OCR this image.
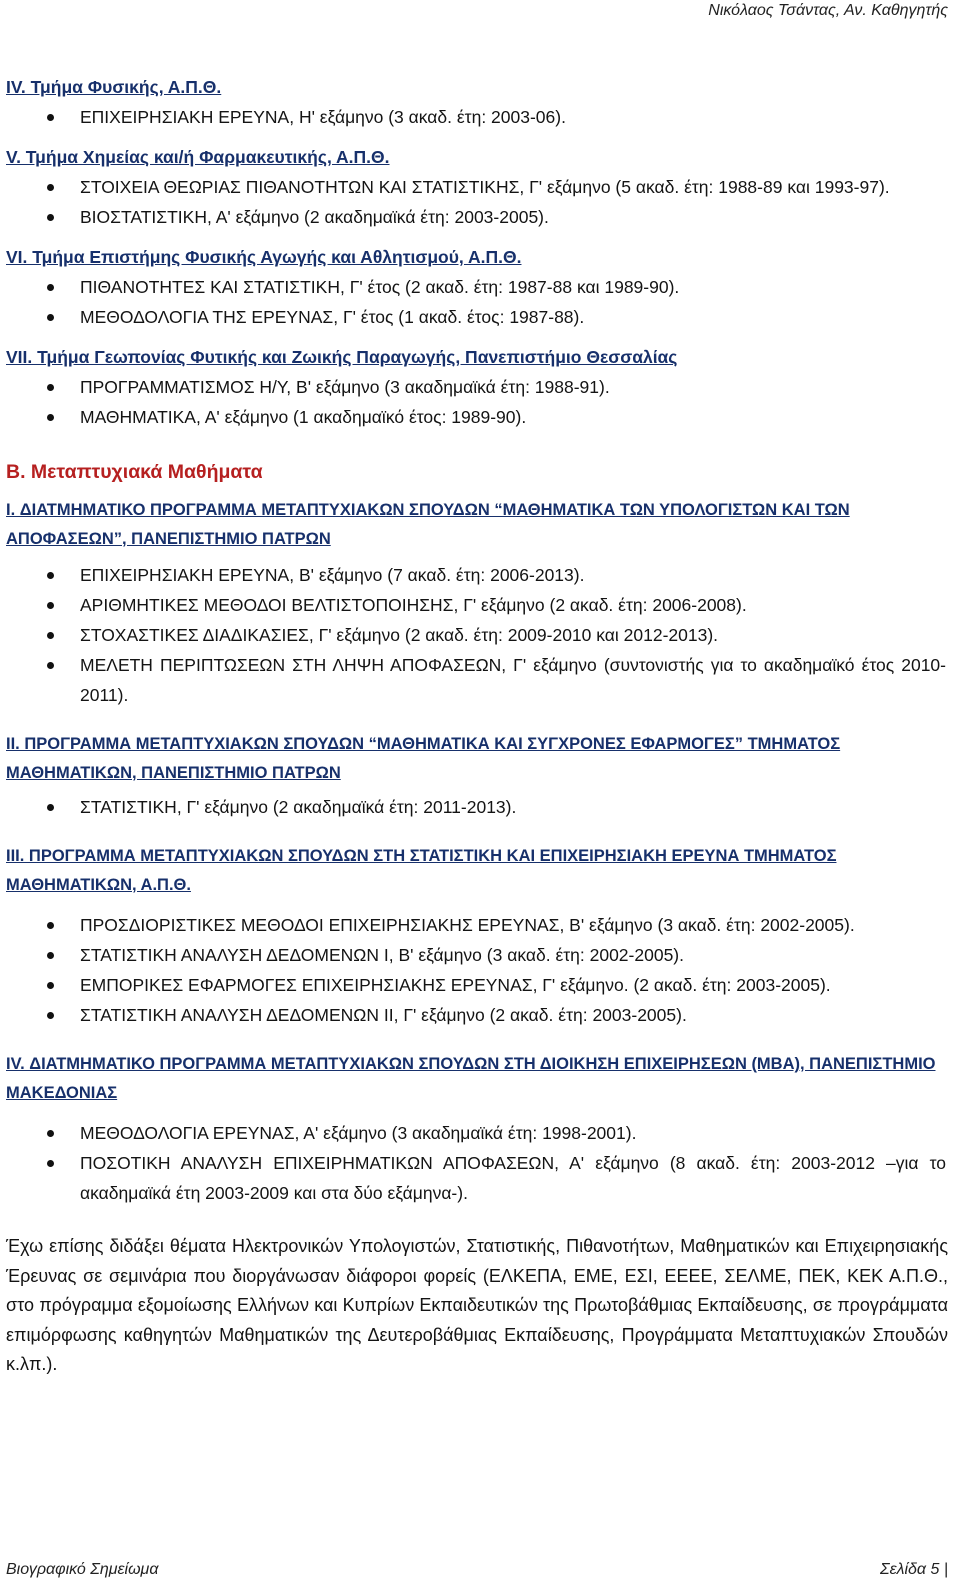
Νικόλαος Τσάντας, Αν. Καθηγητής

IV. Τμήμα Φυσικής, Α.Π.Θ.

ΕΠΙΧΕΙΡΗΣΙΑΚΗ ΕΡΕΥΝΑ, Η' εξάμηνο (3 ακαδ. έτη: 2003-06).

V. Τμήμα Χημείας και/ή Φαρμακευτικής, Α.Π.Θ.

ΣΤΟΙΧΕΙΑ ΘΕΩΡΙΑΣ ΠΙΘΑΝΟΤΗΤΩΝ ΚΑΙ ΣΤΑΤΙΣΤΙΚΗΣ, Γ' εξάμηνο (5 ακαδ. έτη: 1988-89 και 1993-97).
ΒΙΟΣΤΑΤΙΣΤΙΚΗ, Α' εξάμηνο (2 ακαδημαϊκά έτη: 2003-2005).

VI. Τμήμα Επιστήμης Φυσικής Αγωγής και Αθλητισμού, Α.Π.Θ.

ΠΙΘΑΝΟΤΗΤΕΣ ΚΑΙ ΣΤΑΤΙΣΤΙΚΗ, Γ' έτος (2 ακαδ. έτη: 1987-88 και 1989-90).
ΜΕΘΟΔΟΛΟΓΙΑ ΤΗΣ ΕΡΕΥΝΑΣ, Γ' έτος (1 ακαδ. έτος: 1987-88).

VII. Τμήμα Γεωπονίας Φυτικής και Ζωικής Παραγωγής, Πανεπιστήμιο Θεσσαλίας

ΠΡΟΓΡΑΜΜΑΤΙΣΜΟΣ Η/Υ, Β' εξάμηνο (3 ακαδημαϊκά έτη: 1988-91).
ΜΑΘΗΜΑΤΙΚΑ, Α' εξάμηνο (1 ακαδημαϊκό έτος: 1989-90).

Β. Μεταπτυχιακά Μαθήματα

I. ΔΙΑΤΜΗΜΑΤΙΚΟ ΠΡΟΓΡΑΜΜΑ ΜΕΤΑΠΤΥΧΙΑΚΩΝ ΣΠΟΥΔΩΝ “ΜΑΘΗΜΑΤΙΚΑ ΤΩΝ ΥΠΟΛΟΓΙΣΤΩΝ ΚΑΙ ΤΩΝ ΑΠΟΦΑΣΕΩΝ”, ΠΑΝΕΠΙΣΤΗΜΙΟ ΠΑΤΡΩΝ

ΕΠΙΧΕΙΡΗΣΙΑΚΗ ΕΡΕΥΝΑ, Β' εξάμηνο (7 ακαδ. έτη: 2006-2013).
ΑΡΙΘΜΗΤΙΚΕΣ ΜΕΘΟΔΟΙ ΒΕΛΤΙΣΤΟΠΟΙΗΣΗΣ, Γ' εξάμηνο (2 ακαδ. έτη: 2006-2008).
ΣΤΟΧΑΣΤΙΚΕΣ ΔΙΑΔΙΚΑΣΙΕΣ, Γ' εξάμηνο (2 ακαδ. έτη: 2009-2010 και 2012-2013).
ΜΕΛΕΤΗ ΠΕΡΙΠΤΩΣΕΩΝ ΣΤΗ ΛΗΨΗ ΑΠΟΦΑΣΕΩΝ, Γ' εξάμηνο (συντονιστής για το ακαδημαϊκό έτος 2010-2011).

II. ΠΡΟΓΡΑΜΜΑ ΜΕΤΑΠΤΥΧΙΑΚΩΝ ΣΠΟΥΔΩΝ “ΜΑΘΗΜΑΤΙΚΑ ΚΑΙ ΣΥΓΧΡΟΝΕΣ ΕΦΑΡΜΟΓΕΣ” ΤΜΗΜΑΤΟΣ ΜΑΘΗΜΑΤΙΚΩΝ, ΠΑΝΕΠΙΣΤΗΜΙΟ ΠΑΤΡΩΝ

ΣΤΑΤΙΣΤΙΚΗ, Γ' εξάμηνο (2 ακαδημαϊκά έτη: 2011-2013).

III. ΠΡΟΓΡΑΜΜΑ ΜΕΤΑΠΤΥΧΙΑΚΩΝ ΣΠΟΥΔΩΝ ΣΤΗ ΣΤΑΤΙΣΤΙΚΗ ΚΑΙ ΕΠΙΧΕΙΡΗΣΙΑΚΗ ΕΡΕΥΝΑ ΤΜΗΜΑΤΟΣ ΜΑΘΗΜΑΤΙΚΩΝ, Α.Π.Θ.

ΠΡΟΣΔΙΟΡΙΣΤΙΚΕΣ ΜΕΘΟΔΟΙ ΕΠΙΧΕΙΡΗΣΙΑΚΗΣ ΕΡΕΥΝΑΣ, Β' εξάμηνο (3 ακαδ. έτη: 2002-2005).
ΣΤΑΤΙΣΤΙΚΗ ΑΝΑΛΥΣΗ ΔΕΔΟΜΕΝΩΝ Ι, Β' εξάμηνο (3 ακαδ. έτη: 2002-2005).
ΕΜΠΟΡΙΚΕΣ ΕΦΑΡΜΟΓΕΣ ΕΠΙΧΕΙΡΗΣΙΑΚΗΣ ΕΡΕΥΝΑΣ, Γ' εξάμηνο. (2 ακαδ. έτη: 2003-2005).
ΣΤΑΤΙΣΤΙΚΗ ΑΝΑΛΥΣΗ ΔΕΔΟΜΕΝΩΝ ΙΙ, Γ' εξάμηνο (2 ακαδ. έτη: 2003-2005).

IV. ΔΙΑΤΜΗΜΑΤΙΚΟ ΠΡΟΓΡΑΜΜΑ ΜΕΤΑΠΤΥΧΙΑΚΩΝ ΣΠΟΥΔΩΝ ΣΤΗ ΔΙΟΙΚΗΣΗ ΕΠΙΧΕΙΡΗΣΕΩΝ (MBA), ΠΑΝΕΠΙΣΤΗΜΙΟ ΜΑΚΕΔΟΝΙΑΣ

ΜΕΘΟΔΟΛΟΓΙΑ ΕΡΕΥΝΑΣ, Α' εξάμηνο (3 ακαδημαϊκά έτη: 1998-2001).
ΠΟΣΟΤΙΚΗ ΑΝΑΛΥΣΗ ΕΠΙΧΕΙΡΗΜΑΤΙΚΩΝ ΑΠΟΦΑΣΕΩΝ, Α' εξάμηνο (8 ακαδ. έτη: 2003-2012 –για το ακαδημαϊκά έτη 2003-2009 και στα δύο εξάμηνα-).

Έχω επίσης διδάξει θέματα Ηλεκτρονικών Υπολογιστών, Στατιστικής, Πιθανοτήτων, Μαθηματικών και Επιχειρησιακής Έρευνας σε σεμινάρια που διοργάνωσαν διάφοροι φορείς (ΕΛΚΕΠΑ, ΕΜΕ, ΕΣΙ, ΕΕΕΕ, ΣΕΛΜΕ, ΠΕΚ, ΚΕΚ Α.Π.Θ., στο πρόγραμμα εξομοίωσης Ελλήνων και Κυπρίων Εκπαιδευτικών της Πρωτοβάθμιας Εκπαίδευσης, σε προγράμματα επιμόρφωσης καθηγητών Μαθηματικών της Δευτεροβάθμιας Εκπαίδευσης, Προγράμματα Μεταπτυχιακών Σπουδών κ.λπ.).

Βιογραφικό Σημείωμα	Σελίδα 5 |
